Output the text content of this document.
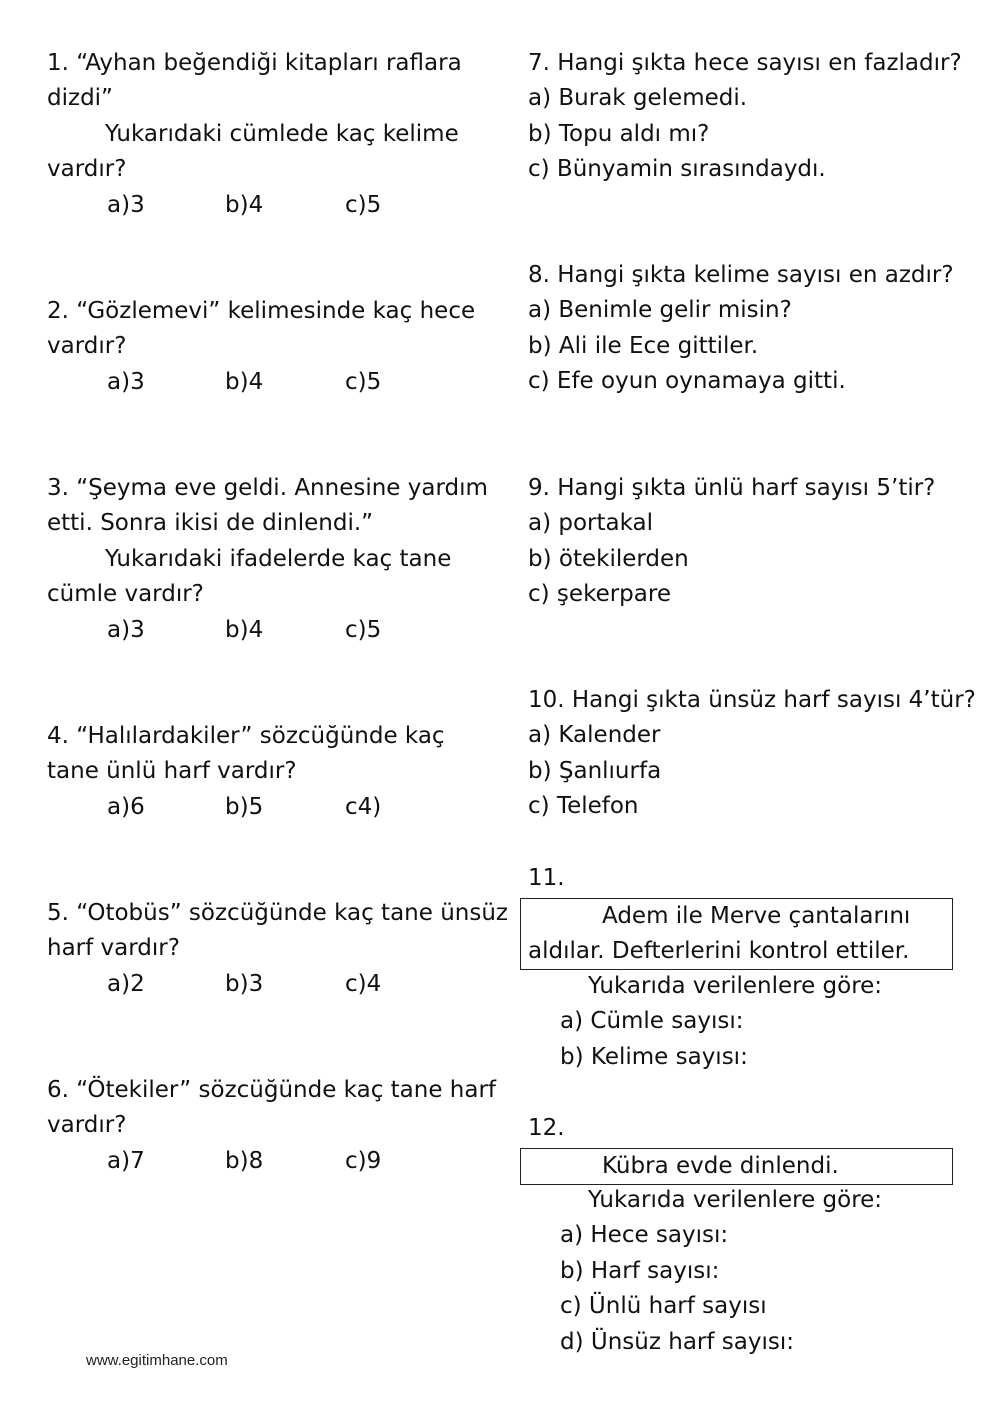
1. “Ayhan beğendiği kitapları raflara
dizdi”
Yukarıdaki cümlede kaç kelime
vardır?
a)3	b)4	c)5
2. “Gözlemevi” kelimesinde kaç hece
vardır?
a)3	b)4	c)5
3. “Şeyma eve geldi. Annesine yardım
etti. Sonra ikisi de dinlendi.”
Yukarıdaki ifadelerde kaç tane
cümle vardır?
a)3	b)4	c)5
4. “Halılardakiler” sözcüğünde kaç
tane ünlü harf vardır?
a)6	b)5	c4)
5. “Otobüs” sözcüğünde kaç tane ünsüz
harf vardır?
a)2	b)3	c)4
6. “Ötekiler” sözcüğünde kaç tane harf
vardır?
a)7	b)8	c)9
7. Hangi şıkta hece sayısı en fazladır?
a) Burak gelemedi.
b) Topu aldı mı?
c) Bünyamin sırasındaydı.
8. Hangi şıkta kelime sayısı en azdır?
a) Benimle gelir misin?
b) Ali ile Ece gittiler.
c) Efe oyun oynamaya gitti.
9. Hangi şıkta ünlü harf sayısı 5’tir?
a) portakal
b) ötekilerden
c) şekerpare
10. Hangi şıkta ünsüz harf sayısı 4’tür?
a) Kalender
b) Şanlıurfa
c) Telefon
11.
Adem ile Merve çantalarını
aldılar. Defterlerini kontrol ettiler.
Yukarıda verilenlere göre:
a) Cümle sayısı:
b) Kelime sayısı:
12.
Kübra evde dinlendi.
Yukarıda verilenlere göre:
a) Hece sayısı:
b) Harf sayısı:
c) Ünlü harf sayısı
d) Ünsüz harf sayısı:
www.egitimhane.com
